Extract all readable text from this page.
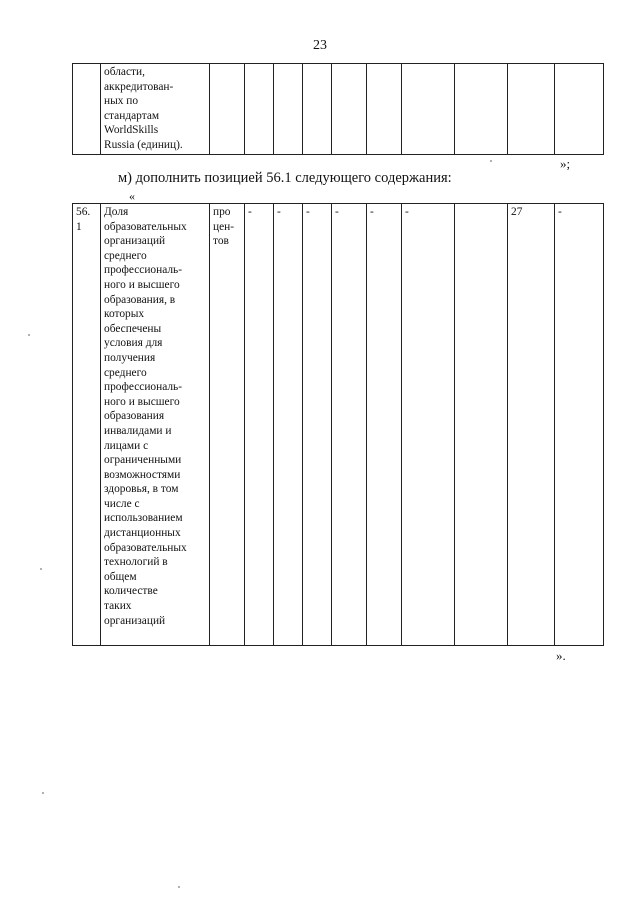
23
	области,
аккредитован-
ных по
стандартам
WorldSkills
Russia (единиц).										
»;
м) дополнить позицией 56.1 следующего содержания:
«
56.
1	Доля
образовательных
организаций
среднего
профессиональ-
ного и высшего
образования, в
которых
обеспечены
условия для
получения
среднего
профессиональ-
ного и высшего
образования
инвалидами и
лицами с
ограниченными
возможностями
здоровья, в том
числе с
использованием
дистанционных
образовательных
технологий в
общем
количестве
таких
организаций	про
цен-
тов	-	-	-	-	-	-		27	-
».
